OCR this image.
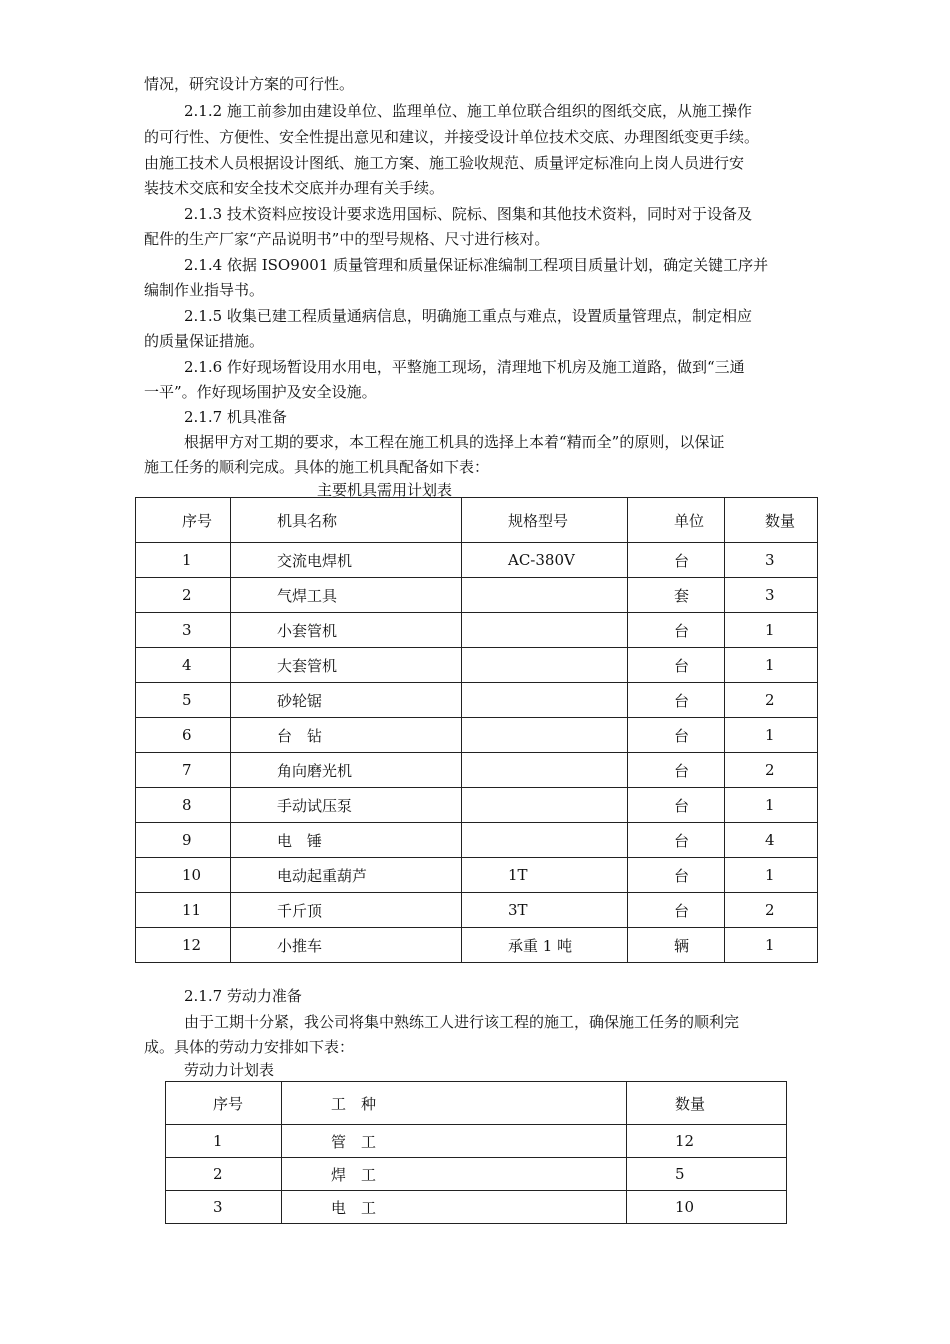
情况，研究设计方案的可行性。
2.1.2 施工前参加由建设单位、监理单位、施工单位联合组织的图纸交底，从施工操作
的可行性、方便性、安全性提出意见和建议，并接受设计单位技术交底、办理图纸变更手续。
由施工技术人员根据设计图纸、施工方案、施工验收规范、质量评定标准向上岗人员进行安
装技术交底和安全技术交底并办理有关手续。
2.1.3 技术资料应按设计要求选用国标、院标、图集和其他技术资料，同时对于设备及
配件的生产厂家“产品说明书”中的型号规格、尺寸进行核对。
2.1.4 依据 ISO9001 质量管理和质量保证标准编制工程项目质量计划，确定关键工序并
编制作业指导书。
2.1.5 收集已建工程质量通病信息，明确施工重点与难点，设置质量管理点，制定相应
的质量保证措施。
2.1.6 作好现场暂设用水用电，平整施工现场，清理地下机房及施工道路，做到“三通
一平”。作好现场围护及安全设施。
2.1.7 机具准备
根据甲方对工期的要求，本工程在施工机具的选择上本着“精而全”的原则，以保证
施工任务的顺利完成。具体的施工机具配备如下表：
主要机具需用计划表
序号	机具名称	规格型号	单位	数量
1	交流电焊机	AC-380V	台	3
2	气焊工具		套	3
3	小套管机		台	1
4	大套管机		台	1
5	砂轮锯		台	2
6	台　钻		台	1
7	角向磨光机		台	2
8	手动试压泵		台	1
9	电　锤		台	4
10	电动起重葫芦	1T	台	1
11	千斤顶	3T	台	2
12	小推车	承重 1 吨	辆	1
2.1.7 劳动力准备
由于工期十分紧，我公司将集中熟练工人进行该工程的施工，确保施工任务的顺利完
成。具体的劳动力安排如下表：
劳动力计划表
序号	工　种	数量
1	管　工	12
2	焊　工	5
3	电　工	10
